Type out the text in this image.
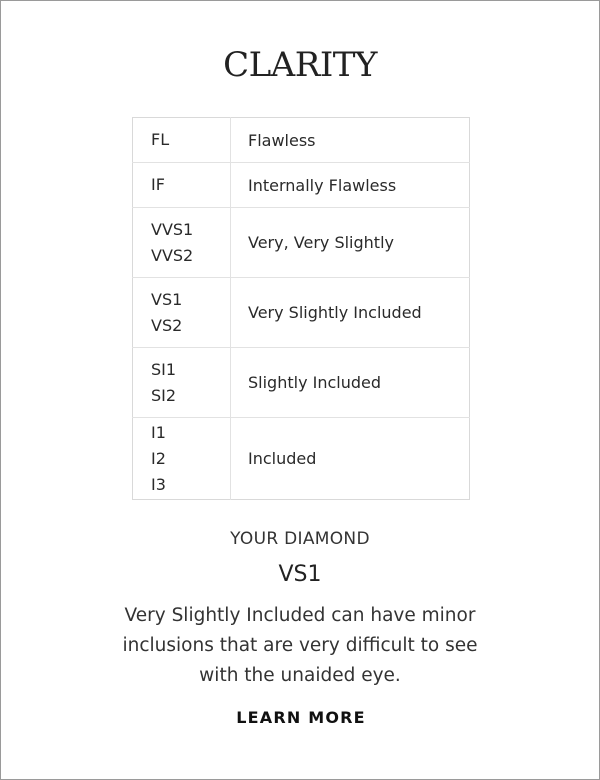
CLARITY
FL	Flawless

IF	Internally Flawless

VVS1
VVS2	Very, Very Slightly

VS1
VS2	Very Slightly Included

SI1
SI2	Slightly Included

I1
I2
I3	Included
YOUR DIAMOND
VS1
Very Slightly Included can have minor inclusions that are very difficult to see with the unaided eye.
LEARN MORE
